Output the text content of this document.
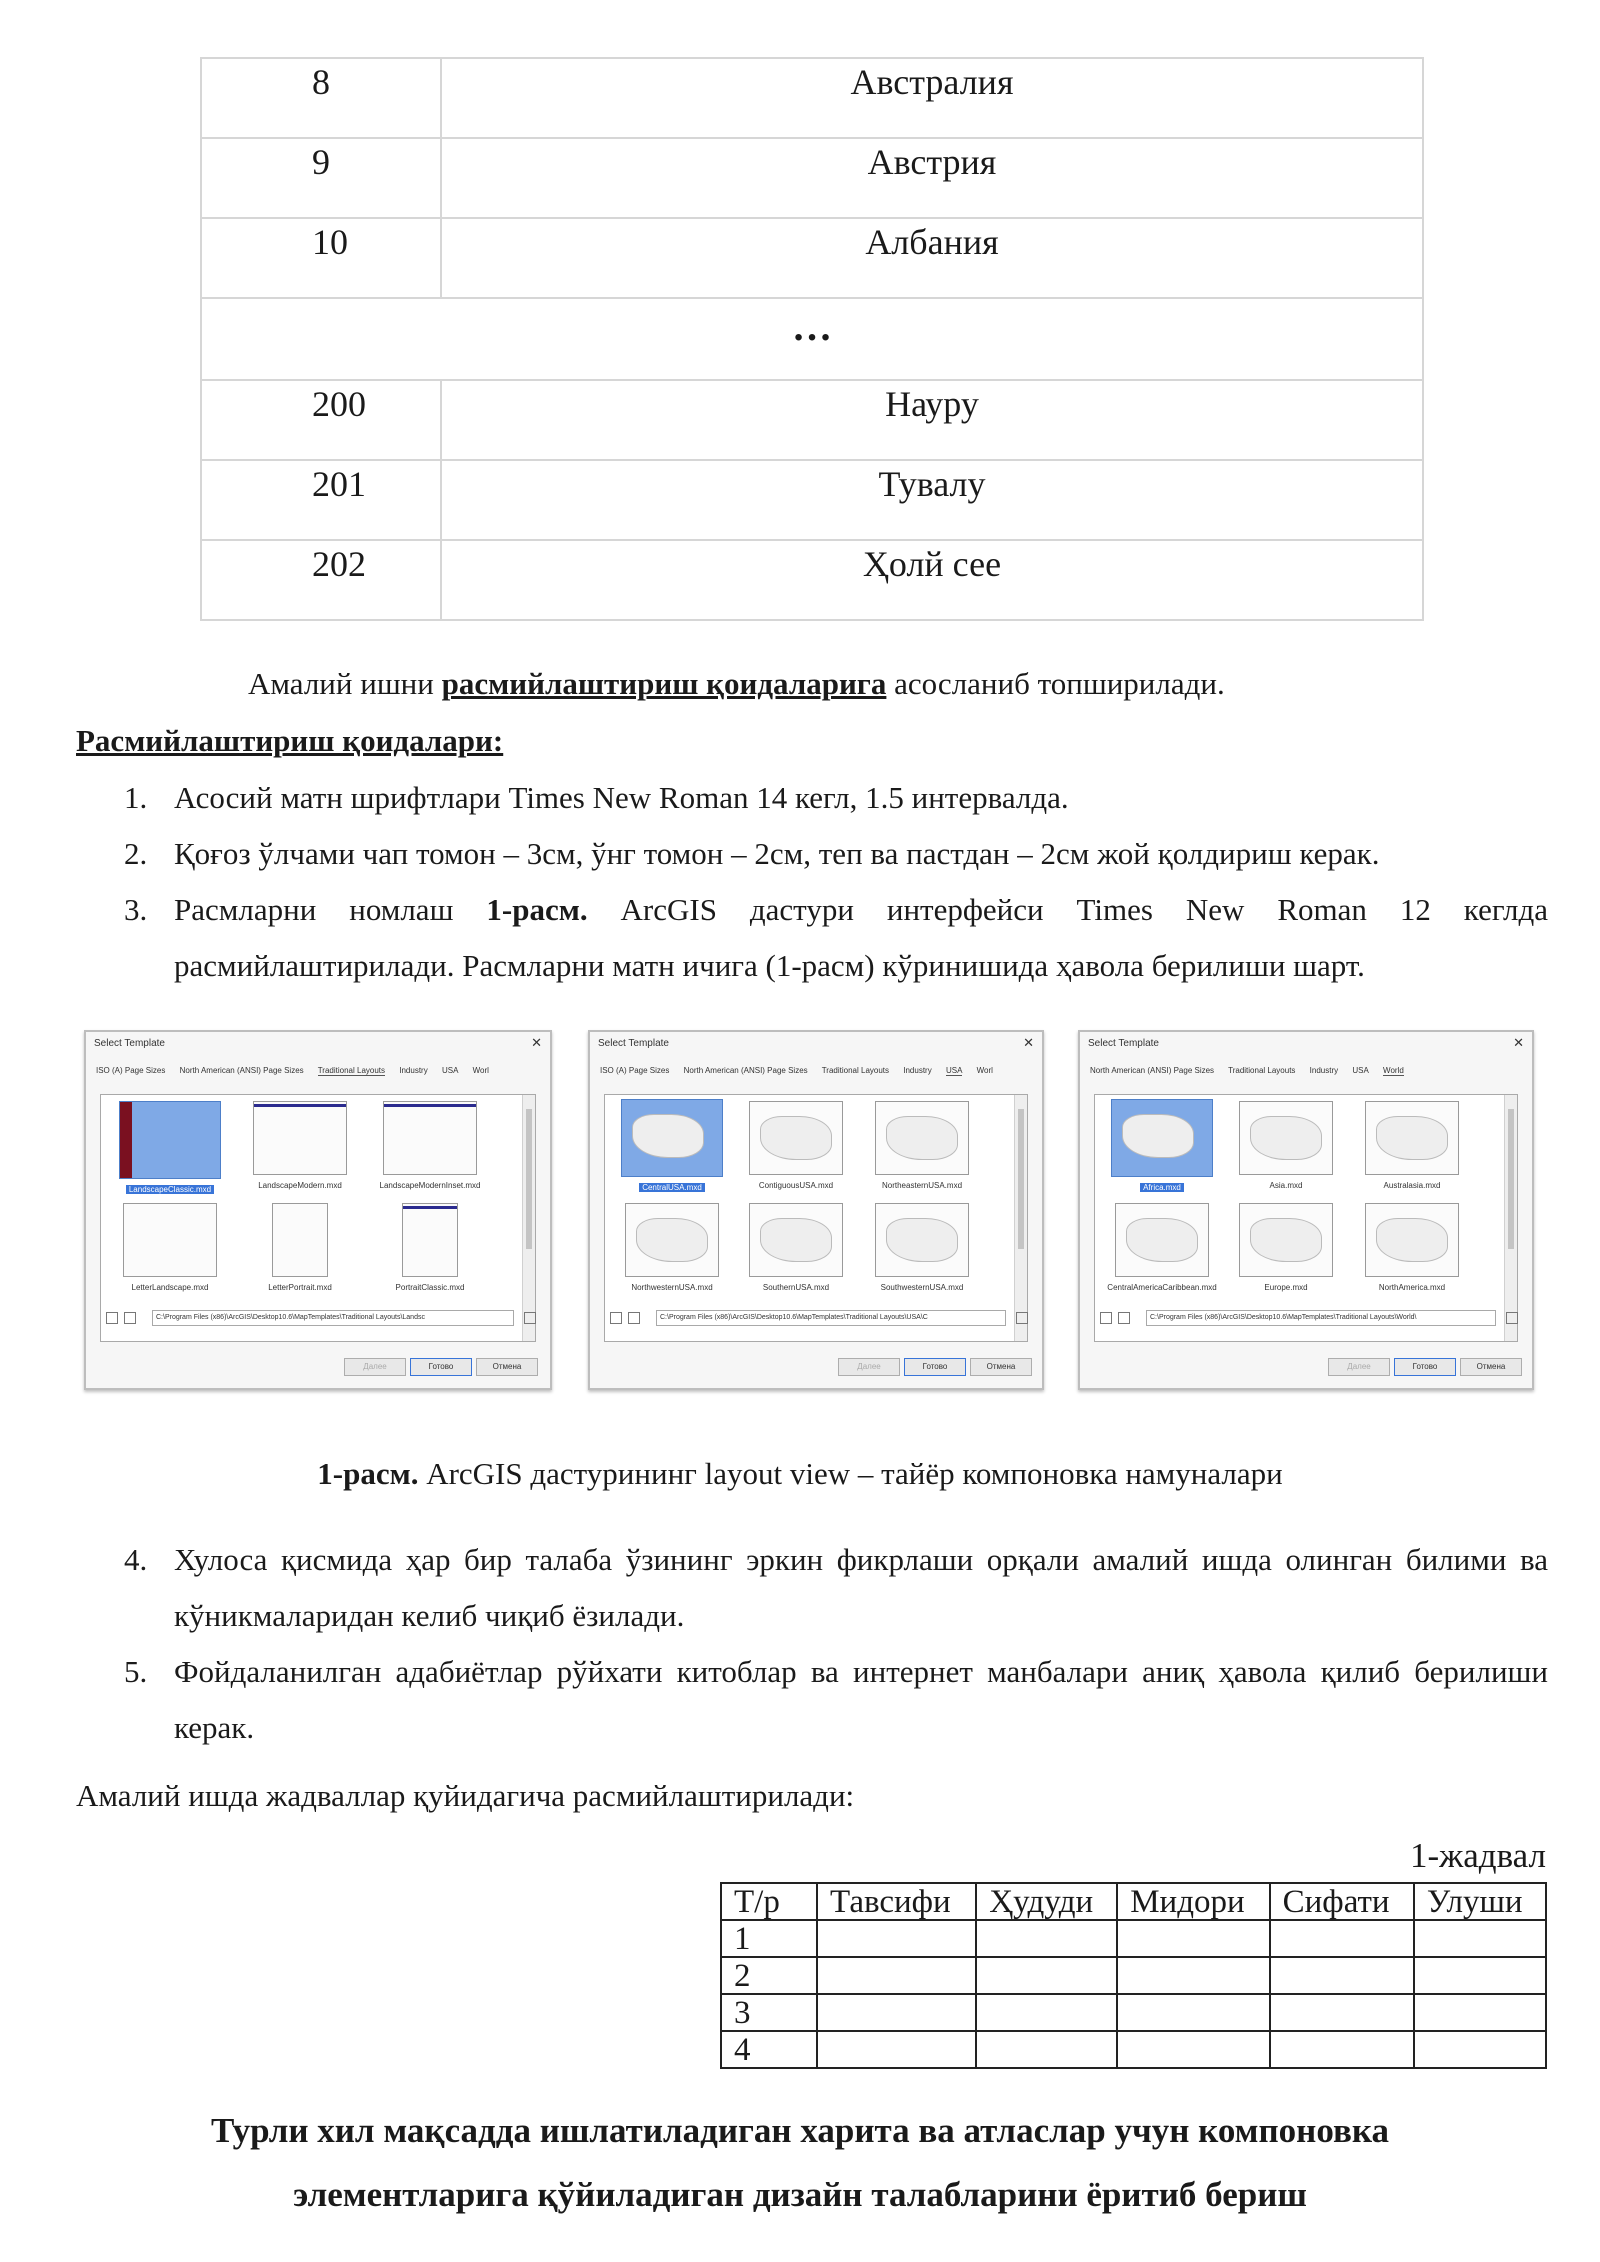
8	Австралия
9	Австрия
10	Албания
…	
200	Науру
201	Тувалу
202	Ҳолй сее
Амалий ишни расмийлаштириш қоидаларига асосланиб топширилади.
Расмийлаштириш қоидалари:
1. Асосий матн шрифтлари Times New Roman 14 кегл, 1.5 интервалда.
2. Қоғоз ўлчами чап томон – 3см, ўнг томон – 2см, теп ва пастдан – 2см жой қолдириш керак.
3. Расмларни номлаш 1-расм. ArcGIS дастури интерфейси Times New Roman 12 кеглда расмийлаштирилади. Расмларни матн ичига (1-расм) кўринишида ҳавола берилиши шарт.
Select Template	✕
ISO (A) Page Sizes North American (ANSI) Page Sizes Traditional Layouts Industry USA Worl
LandscapeClassic.mxd	LandscapeModern.mxd	LandscapeModernInset.mxd
LetterLandscape.mxd	LetterPortrait.mxd	PortraitClassic.mxd
C:\Program Files (x86)\ArcGIS\Desktop10.6\MapTemplates\Traditional Layouts\Landsc
Далее	Готово	Отмена
Select Template	✕
ISO (A) Page Sizes North American (ANSI) Page Sizes Traditional Layouts Industry USA Worl
CentralUSA.mxd	ContiguousUSA.mxd	NortheasternUSA.mxd
NorthwesternUSA.mxd	SouthernUSA.mxd	SouthwesternUSA.mxd
C:\Program Files (x86)\ArcGIS\Desktop10.6\MapTemplates\Traditional Layouts\USA\C
Далее	Готово	Отмена
Select Template	✕
North American (ANSI) Page Sizes Traditional Layouts Industry USA World
Africa.mxd	Asia.mxd	Australasia.mxd
CentralAmericaCaribbean.mxd	Europe.mxd	NorthAmerica.mxd
C:\Program Files (x86)\ArcGIS\Desktop10.6\MapTemplates\Traditional Layouts\World\
Далее	Готово	Отмена
1-расм. ArcGIS дастурининг layout view – тайёр компоновка намуналари
4. Хулоса қисмида ҳар бир талаба ўзининг эркин фикрлаши орқали амалий ишда олинган билими ва кўникмаларидан келиб чиқиб ёзилади.
5. Фойдаланилган адабиётлар рўйхати китоблар ва интернет манбалари аниқ ҳавола қилиб берилиши керак.
Амалий ишда жадваллар қуйидагича расмийлаштирилади:
1-жадвал
Т/р	Тавсифи	Ҳудуди	Мидори	Сифати	Улуши
1					
2					
3					
4					
Турли хил мақсадда ишлатиладиган харита ва атласлар учун компоновка
элементларига қўйиладиган дизайн талабларини ёритиб бериш
